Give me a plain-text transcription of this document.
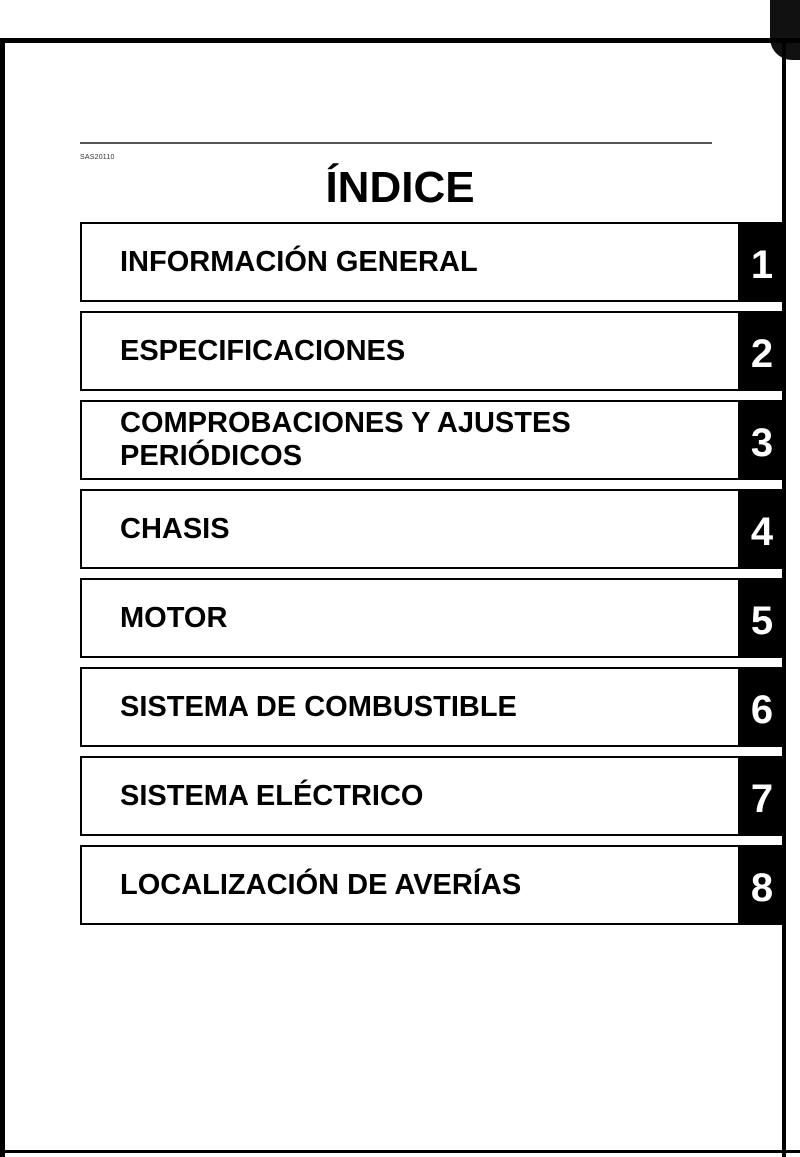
SAS20110
ÍNDICE
INFORMACIÓN GENERAL	1
ESPECIFICACIONES	2
COMPROBACIONES Y AJUSTES
PERIÓDICOS	3
CHASIS	4
MOTOR	5
SISTEMA DE COMBUSTIBLE	6
SISTEMA ELÉCTRICO	7
LOCALIZACIÓN DE AVERÍAS	8
